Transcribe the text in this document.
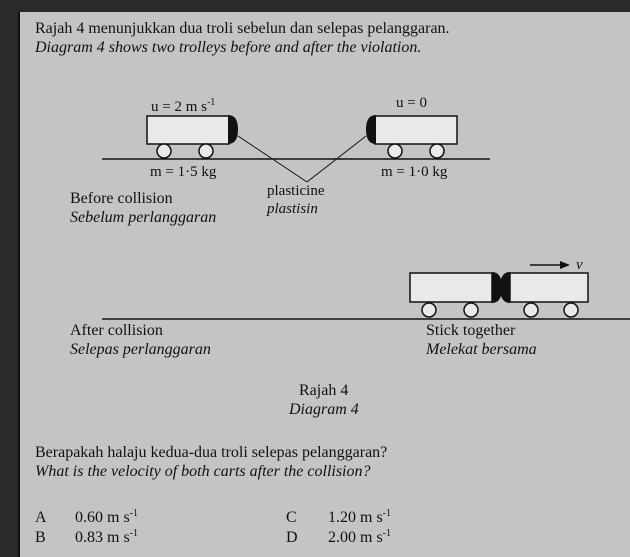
Rajah 4 menunjukkan dua troli sebelun dan selepas pelanggaran.
Diagram 4 shows two trolleys before and after the violation.
u = 2 m $s^{-1}$	u = 0
m = 1·5 kg	m = 1·0 kg
plasticine
plastisin
Before collision
Sebelum perlanggaran
v
After collision
Selepas perlanggaran
Stick together
Melekat bersama
Rajah 4
Diagram 4
Berapakah halaju kedua-dua troli selepas pelanggaran?
What is the velocity of both carts after the collision?
A 0.60 m $s^{-1}$
B 0.83 m $s^{-1}$
C 1.20 m $s^{-1}$
D 2.00 m $s^{-1}$
